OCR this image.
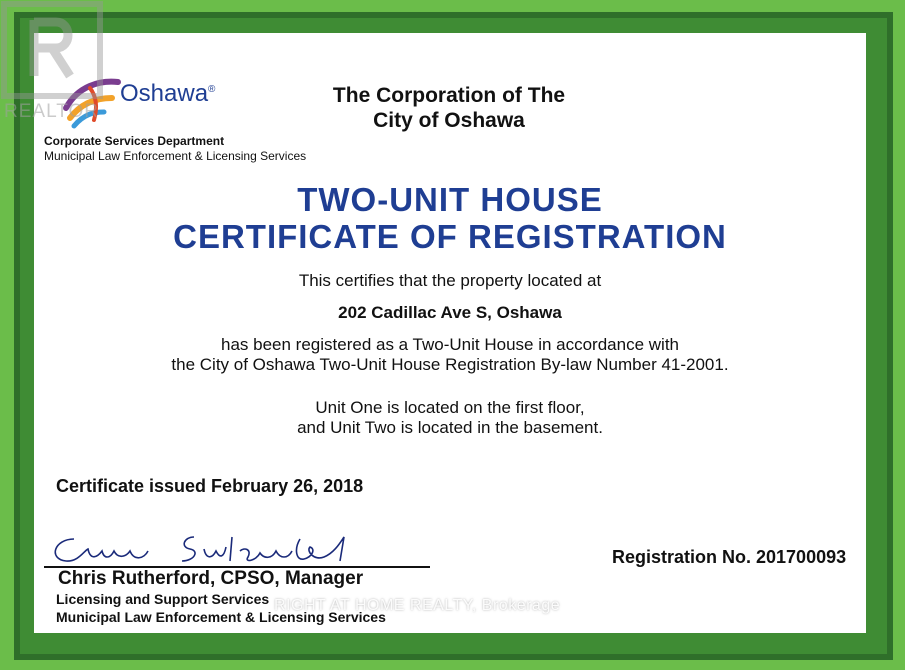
Oshawa®
Corporate Services Department
Municipal Law Enforcement & Licensing Services
The Corporation of The
City of Oshawa
TWO-UNIT HOUSE
CERTIFICATE OF REGISTRATION
This certifies that the property located at
202 Cadillac Ave S, Oshawa
has been registered as a Two-Unit House in accordance with
the City of Oshawa Two-Unit House Registration By-law Number 41-2001.
Unit One is located on the first floor,
and Unit Two is located in the basement.
Certificate issued February 26, 2018
Registration No. 201700093
Chris Rutherford, CPSO, Manager
Licensing and Support Services
Municipal Law Enforcement & Licensing Services
REALTOR
RIGHT AT HOME REALTY, Brokerage
